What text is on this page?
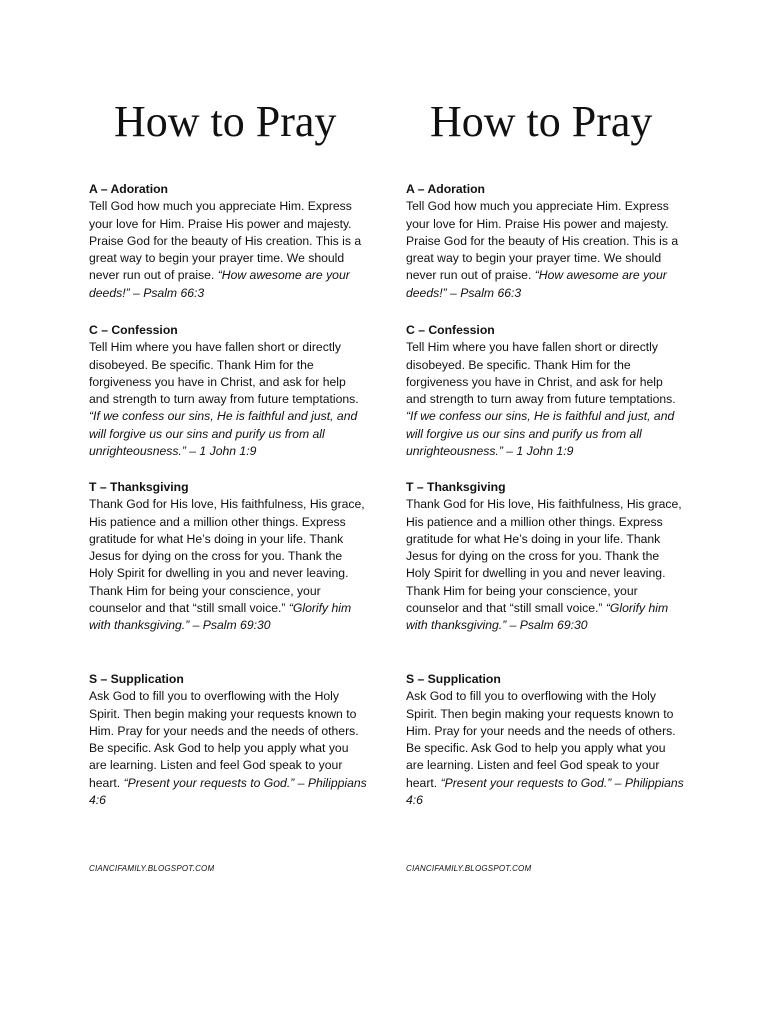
How to Pray
A – Adoration
Tell God how much you appreciate Him. Express your love for Him. Praise His power and majesty. Praise God for the beauty of His creation. This is a great way to begin your prayer time. We should never run out of praise. “How awesome are your deeds!” – Psalm 66:3
C – Confession
Tell Him where you have fallen short or directly disobeyed. Be specific. Thank Him for the forgiveness you have in Christ, and ask for help and strength to turn away from future temptations. “If we confess our sins, He is faithful and just, and will forgive us our sins and purify us from all unrighteousness.” – 1 John 1:9
T – Thanksgiving
Thank God for His love, His faithfulness, His grace, His patience and a million other things. Express gratitude for what He’s doing in your life. Thank Jesus for dying on the cross for you. Thank the Holy Spirit for dwelling in you and never leaving. Thank Him for being your conscience, your counselor and that “still small voice.” “Glorify him with thanksgiving.” – Psalm 69:30
S – Supplication
Ask God to fill you to overflowing with the Holy Spirit. Then begin making your requests known to Him. Pray for your needs and the needs of others. Be specific. Ask God to help you apply what you are learning. Listen and feel God speak to your heart. “Present your requests to God.” – Philippians 4:6
CIANCIFAMILY.BLOGSPOT.COM
How to Pray
A – Adoration
Tell God how much you appreciate Him. Express your love for Him. Praise His power and majesty. Praise God for the beauty of His creation. This is a great way to begin your prayer time. We should never run out of praise. “How awesome are your deeds!” – Psalm 66:3
C – Confession
Tell Him where you have fallen short or directly disobeyed. Be specific. Thank Him for the forgiveness you have in Christ, and ask for help and strength to turn away from future temptations. “If we confess our sins, He is faithful and just, and will forgive us our sins and purify us from all unrighteousness.” – 1 John 1:9
T – Thanksgiving
Thank God for His love, His faithfulness, His grace, His patience and a million other things. Express gratitude for what He’s doing in your life. Thank Jesus for dying on the cross for you. Thank the Holy Spirit for dwelling in you and never leaving. Thank Him for being your conscience, your counselor and that “still small voice.” “Glorify him with thanksgiving.” – Psalm 69:30
S – Supplication
Ask God to fill you to overflowing with the Holy Spirit. Then begin making your requests known to Him. Pray for your needs and the needs of others. Be specific. Ask God to help you apply what you are learning. Listen and feel God speak to your heart. “Present your requests to God.” – Philippians 4:6
CIANCIFAMILY.BLOGSPOT.COM
